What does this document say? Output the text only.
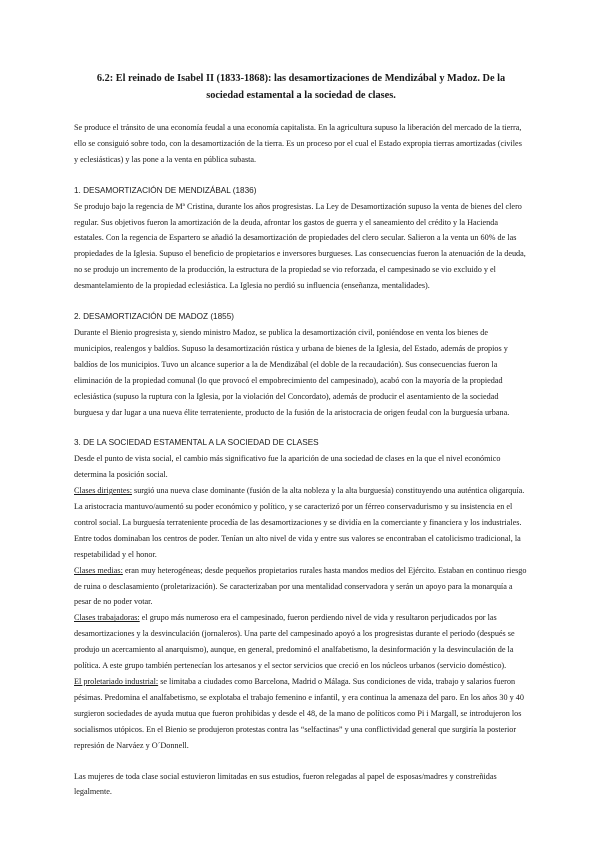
6.2: El reinado de Isabel II (1833-1868): las desamortizaciones de Mendizábal y Madoz. De la sociedad estamental a la sociedad de clases.

Se produce el tránsito de una economía feudal a una economía capitalista. En la agricultura supuso la liberación del mercado de la tierra, ello se consiguió sobre todo, con la desamortización de la tierra. Es un proceso por el cual el Estado expropia tierras amortizadas (civiles y eclesiásticas) y las pone a la venta en pública subasta.

1. DESAMORTIZACIÓN DE MENDIZÁBAL (1836)

Se produjo bajo la regencia de Mª Cristina, durante los años progresistas. La Ley de Desamortización supuso la venta de bienes del clero regular. Sus objetivos fueron la amortización de la deuda, afrontar los gastos de guerra y el saneamiento del crédito y la Hacienda estatales. Con la regencia de Espartero se añadió la desamortización de propiedades del clero secular. Salieron a la venta un 60% de las propiedades de la Iglesia. Supuso el beneficio de propietarios e inversores burgueses. Las consecuencias fueron la atenuación de la deuda, no se produjo un incremento de la producción, la estructura de la propiedad se vio reforzada, el campesinado se vio excluido y el desmantelamiento de la propiedad eclesiástica. La Iglesia no perdió su influencia (enseñanza, mentalidades).

2. DESAMORTIZACIÓN DE MADOZ (1855)

Durante el Bienio progresista y, siendo ministro Madoz, se publica la desamortización civil, poniéndose en venta los bienes de municipios, realengos y baldíos. Supuso la desamortización rústica y urbana de bienes de la Iglesia, del Estado, además de propios y baldíos de los municipios. Tuvo un alcance superior a la de Mendizábal (el doble de la recaudación). Sus consecuencias fueron la eliminación de la propiedad comunal (lo que provocó el empobrecimiento del campesinado), acabó con la mayoría de la propiedad eclesiástica (supuso la ruptura con la Iglesia, por la violación del Concordato), además de producir el asentamiento de la sociedad burguesa y dar lugar a una nueva élite terrateniente, producto de la fusión de la aristocracia de origen feudal con la burguesía urbana.

3. DE LA SOCIEDAD ESTAMENTAL A LA SOCIEDAD DE CLASES

Desde el punto de vista social, el cambio más significativo fue la aparición de una sociedad de clases en la que el nivel económico determina la posición social.

Clases dirigentes: surgió una nueva clase dominante (fusión de la alta nobleza y la alta burguesía) constituyendo una auténtica oligarquía. La aristocracia mantuvo/aumentó su poder económico y político, y se caracterizó por un férreo conservadurismo y su insistencia en el control social. La burguesía terrateniente procedía de las desamortizaciones y se dividía en la comerciante y financiera y los industriales. Entre todos dominaban los centros de poder. Tenían un alto nivel de vida y entre sus valores se encontraban el catolicismo tradicional, la respetabilidad y el honor.

Clases medias: eran muy heterogéneas; desde pequeños propietarios rurales hasta mandos medios del Ejército. Estaban en continuo riesgo de ruina o desclasamiento (proletarización). Se caracterizaban por una mentalidad conservadora y serán un apoyo para la monarquía a pesar de no poder votar.

Clases trabajadoras: el grupo más numeroso era el campesinado, fueron perdiendo nivel de vida y resultaron perjudicados por las desamortizaciones y la desvinculación (jornaleros). Una parte del campesinado apoyó a los progresistas durante el periodo (después se produjo un acercamiento al anarquismo), aunque, en general, predominó el analfabetismo, la desinformación y la desvinculación de la política. A este grupo también pertenecían los artesanos y el sector servicios que creció en los núcleos urbanos (servicio doméstico).

El proletariado industrial: se limitaba a ciudades como Barcelona, Madrid o Málaga. Sus condiciones de vida, trabajo y salarios fueron pésimas. Predomina el analfabetismo, se explotaba el trabajo femenino e infantil, y era continua la amenaza del paro. En los años 30 y 40 surgieron sociedades de ayuda mutua que fueron prohibidas y desde el 48, de la mano de políticos como Pi i Margall, se introdujeron los socialismos utópicos. En el Bienio se produjeron protestas contra las “selfactinas” y una conflictividad general que surgiría la posterior represión de Narváez y O´Donnell.

Las mujeres de toda clase social estuvieron limitadas en sus estudios, fueron relegadas al papel de esposas/madres y constreñidas legalmente.
